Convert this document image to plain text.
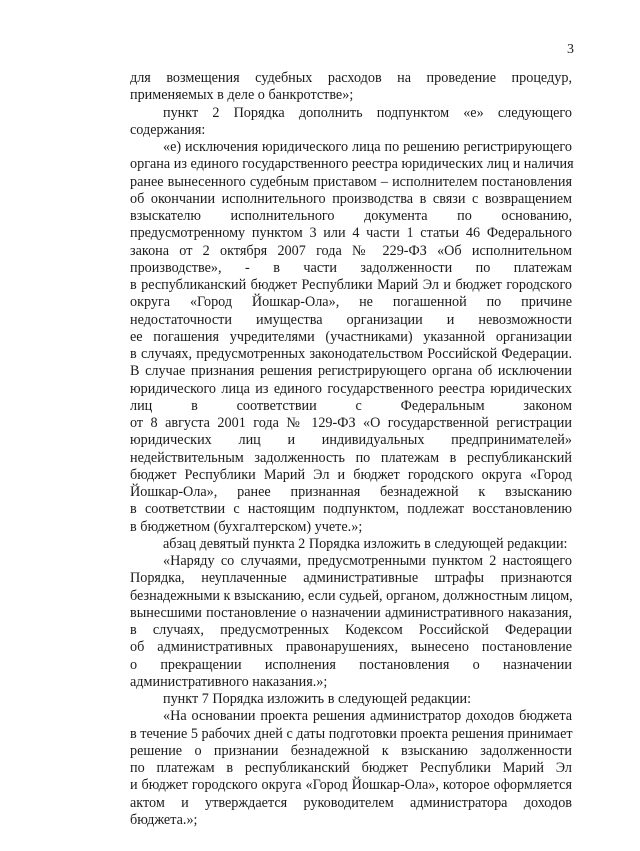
3
для возмещения судебных расходов на проведение процедур,
применяемых в деле о банкротстве»;
пункт 2 Порядка дополнить подпунктом «е» следующего
содержания:
«е) исключения юридического лица по решению регистрирующего
органа из единого государственного реестра юридических лиц и наличия
ранее вынесенного судебным приставом – исполнителем постановления
об окончании исполнительного производства в связи с возвращением
взыскателю исполнительного документа по основанию,
предусмотренному пунктом 3 или 4 части 1 статьи 46 Федерального
закона от 2 октября 2007 года № 229-ФЗ «Об исполнительном
производстве», - в части задолженности по платежам
в республиканский бюджет Республики Марий Эл и бюджет городского
округа «Город Йошкар-Ола», не погашенной по причине
недостаточности имущества организации и невозможности
ее погашения учредителями (участниками) указанной организации
в случаях, предусмотренных законодательством Российской Федерации.
В случае признания решения регистрирующего органа об исключении
юридического лица из единого государственного реестра юридических
лиц в соответствии с Федеральным законом
от 8 августа 2001 года № 129-ФЗ «О государственной регистрации
юридических лиц и индивидуальных предпринимателей»
недействительным задолженность по платежам в республиканский
бюджет Республики Марий Эл и бюджет городского округа «Город
Йошкар-Ола», ранее признанная безнадежной к взысканию
в соответствии с настоящим подпунктом, подлежат восстановлению
в бюджетном (бухгалтерском) учете.»;
абзац девятый пункта 2 Порядка изложить в следующей редакции:
«Наряду со случаями, предусмотренными пунктом 2 настоящего
Порядка, неуплаченные административные штрафы признаются
безнадежными к взысканию, если судьей, органом, должностным лицом,
вынесшими постановление о назначении административного наказания,
в случаях, предусмотренных Кодексом Российской Федерации
об административных правонарушениях, вынесено постановление
о прекращении исполнения постановления о назначении
административного наказания.»;
пункт 7 Порядка изложить в следующей редакции:
«На основании проекта решения администратор доходов бюджета
в течение 5 рабочих дней с даты подготовки проекта решения принимает
решение о признании безнадежной к взысканию задолженности
по платежам в республиканский бюджет Республики Марий Эл
и бюджет городского округа «Город Йошкар-Ола», которое оформляется
актом и утверждается руководителем администратора доходов
бюджета.»;
